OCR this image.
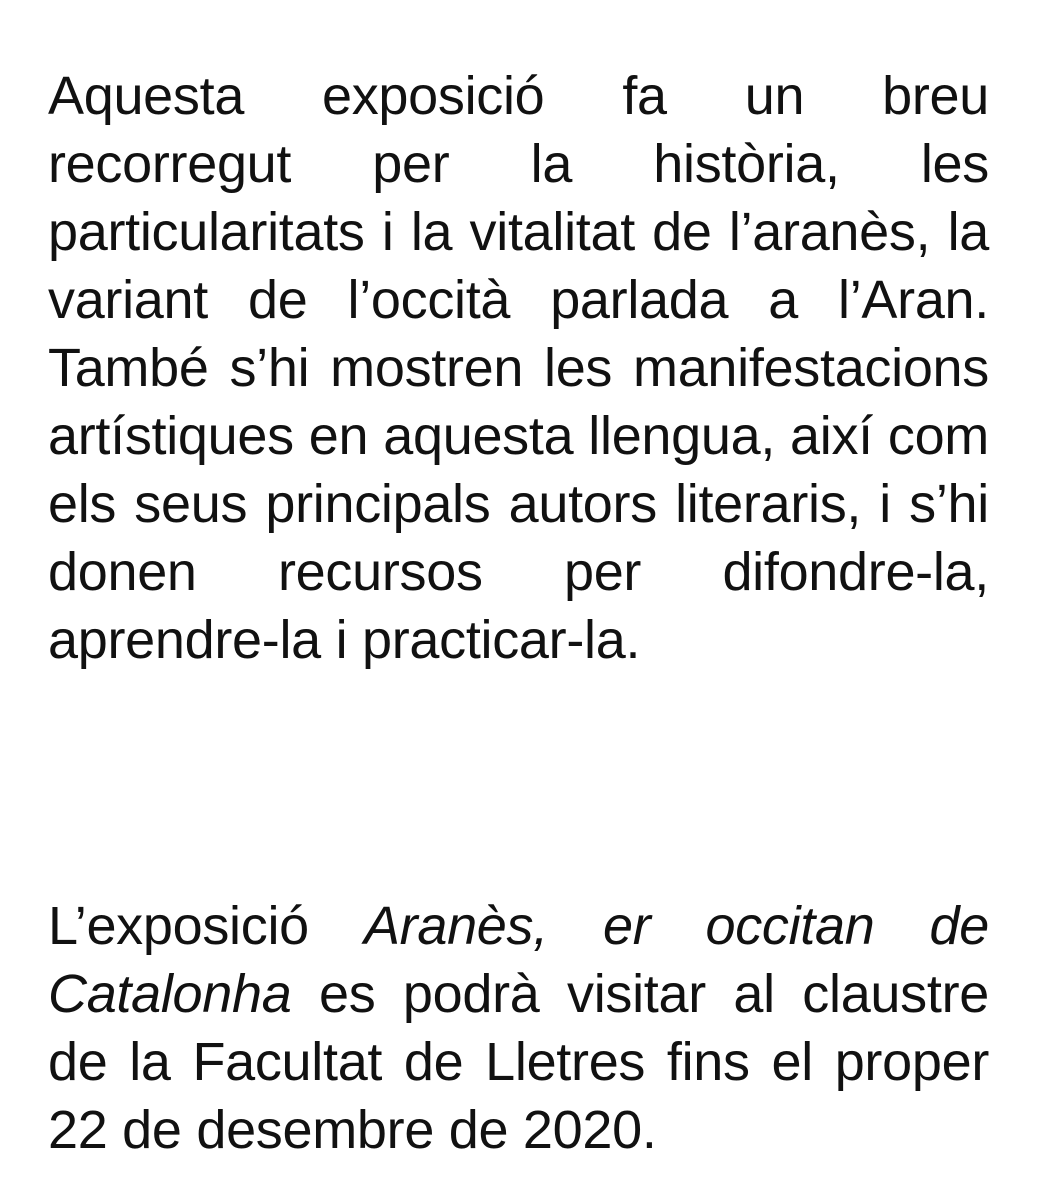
Aquesta exposició fa un breu recorregut per la història, les particularitats i la vitalitat de l’aranès, la variant de l’occità parlada a l’Aran. També s’hi mostren les manifestacions artístiques en aquesta llengua, així com els seus principals autors literaris, i s’hi donen recursos per difondre-la, aprendre-la i practicar-la.

L’exposició Aranès, er occitan de Catalonha es podrà visitar al claustre de la Facultat de Lletres fins el proper 22 de desembre de 2020.
